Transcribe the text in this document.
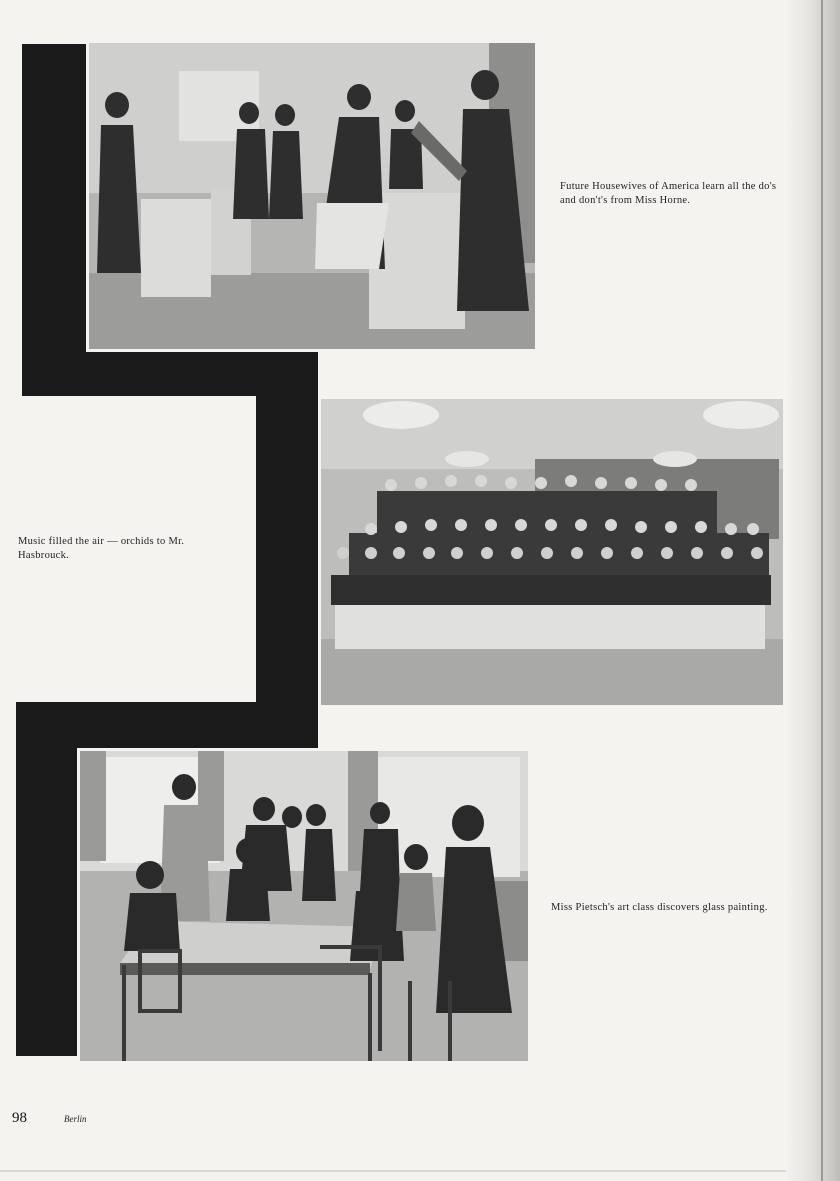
Future Housewives of America learn all the do's and don't's from Miss Horne.
Music filled the air — orchids to Mr. Hasbrouck.
Miss Pietsch's art class discovers glass painting.
98	Berlin
